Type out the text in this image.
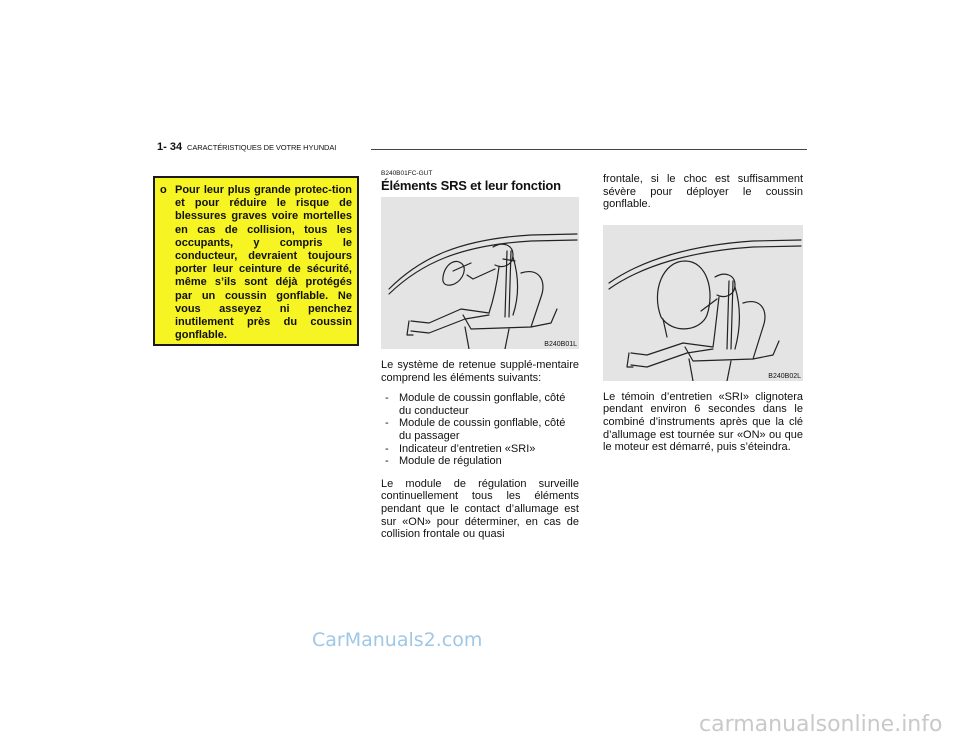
1- 34 CARACTÉRISTIQUES DE VOTRE HYUNDAI
o Pour leur plus grande protec-tion et pour réduire le risque de blessures graves voire mortelles en cas de collision, tous les occupants, y compris le conducteur, devraient toujours porter leur ceinture de sécurité, même s’ils sont déjà protégés par un coussin gonflable. Ne vous asseyez ni penchez inutilement près du coussin gonflable.

B240B01FC-GUT

Éléments SRS et leur fonction

B240B01L

Le système de retenue supplé-mentaire comprend les éléments suivants:

- Module de coussin gonflable, côté du conducteur
- Module de coussin gonflable, côté du passager
- Indicateur d’entretien «SRI»
- Module de régulation

Le module de régulation surveille continuellement tous les éléments pendant que le contact d’allumage est sur «ON» pour déterminer, en cas de collision frontale ou quasi

frontale, si le choc est suffisamment sévère pour déployer le coussin gonflable.

B240B02L

Le témoin d’entretien «SRI» clignotera pendant environ 6 secondes dans le combiné d’instruments après que la clé d’allumage est tournée sur «ON» ou que le moteur est démarré, puis s’éteindra.

CarManuals2.com
carmanualsonline.info
